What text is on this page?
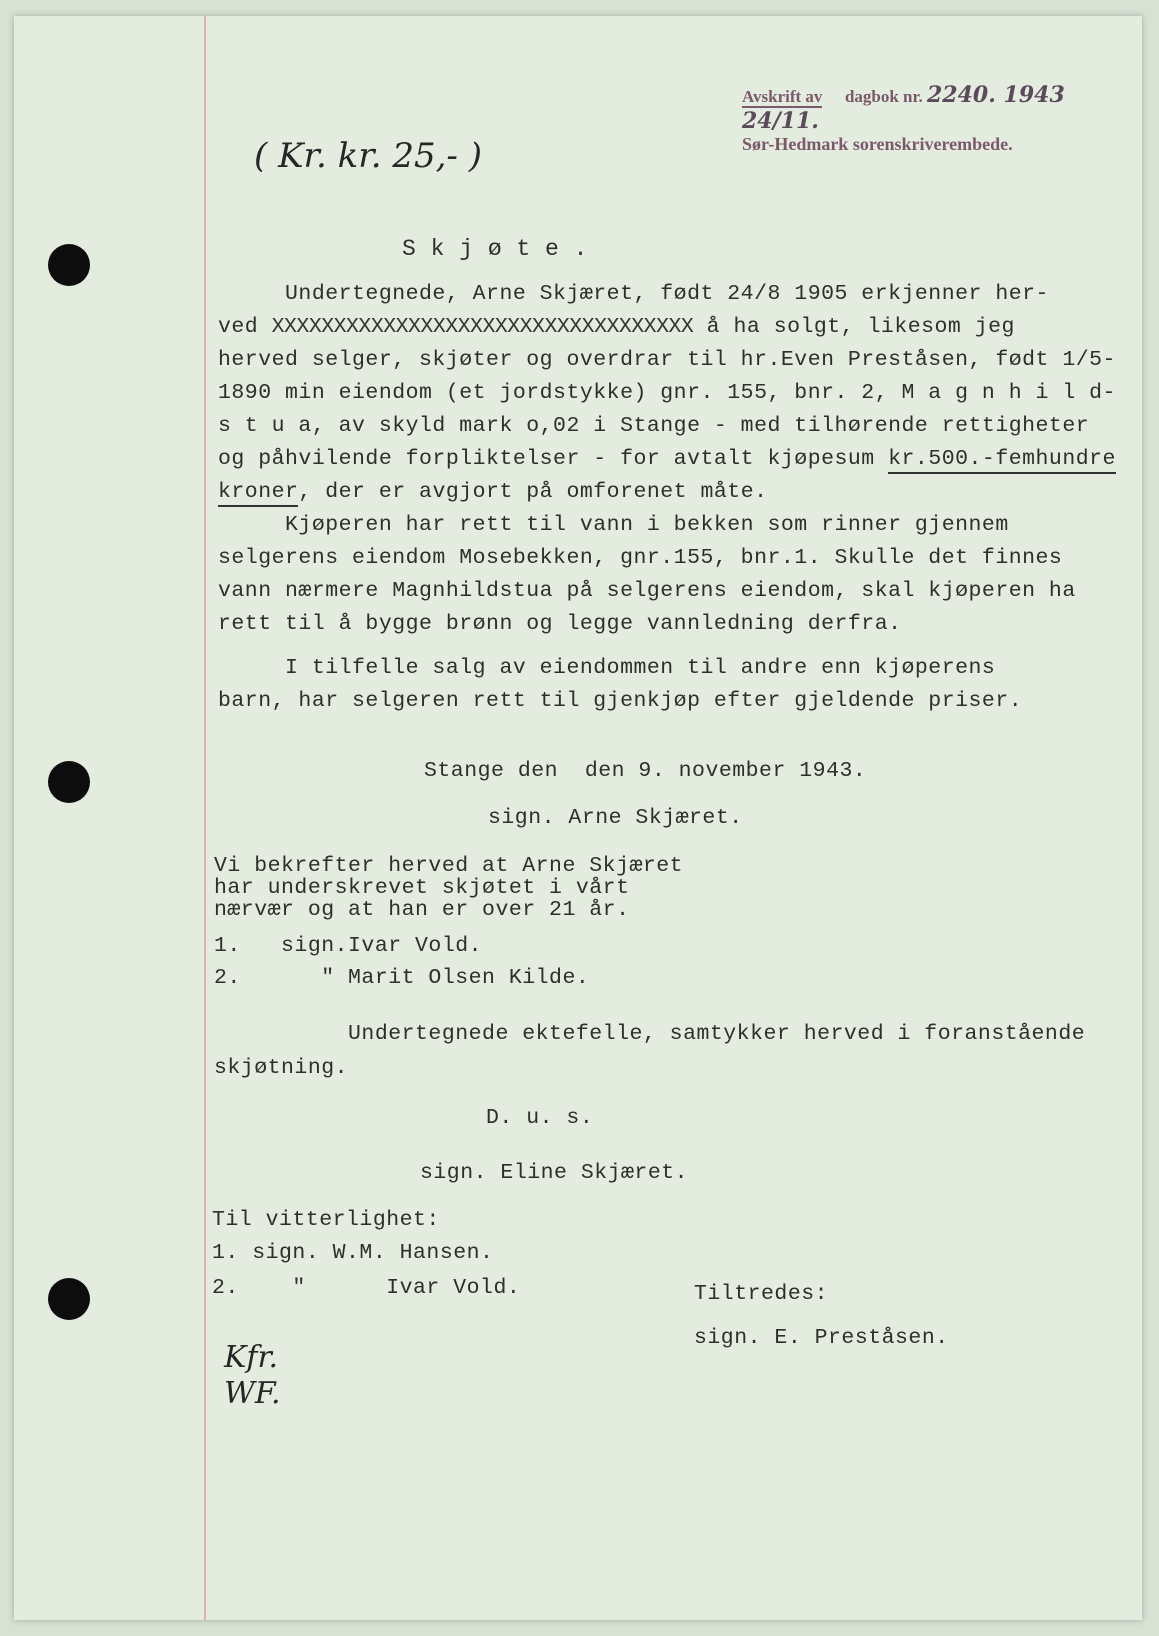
Avskrift av dagbok nr. 2240. 1943 24/11.
Sør-Hedmark sorenskriverembede.
( Kr. kr. 25,- )
S k j ø t e .
Undertegnede, Arne Skjæret, født 24/8 1905 erkjenner her-
ved XXXXXXXXXXXXXXXXXXXXXXXXXXXXXXXXXX å ha solgt, likesom jeg
herved selger, skjøter og overdrar til hr.Even Preståsen, født 1/5-
1890 min eiendom (et jordstykke) gnr. 155, bnr. 2, M a g n h i l d-
s t u a, av skyld mark o,02 i Stange - med tilhørende rettigheter
og påhvilende forpliktelser - for avtalt kjøpesum kr.500.-femhundre
kroner, der er avgjort på omforenet måte.
Kjøperen har rett til vann i bekken som rinner gjennem
selgerens eiendom Mosebekken, gnr.155, bnr.1. Skulle det finnes
vann nærmere Magnhildstua på selgerens eiendom, skal kjøperen ha
rett til å bygge brønn og legge vannledning derfra.
I tilfelle salg av eiendommen til andre enn kjøperens
barn, har selgeren rett til gjenkjøp efter gjeldende priser.
Stange den  den 9. november 1943.
sign. Arne Skjæret.
Vi bekrefter herved at Arne Skjæret
har underskrevet skjøtet i vårt
nærvær og at han er over 21 år.
1.   sign.Ivar Vold.
2.      " Marit Olsen Kilde.
Undertegnede ektefelle, samtykker herved i foranstående
skjøtning.
D. u. s.
sign. Eline Skjæret.
Til vitterlighet:
1. sign. W.M. Hansen.
2.    "      Ivar Vold.	Tiltredes:
sign. E. Preståsen.
Kfr. WF.
